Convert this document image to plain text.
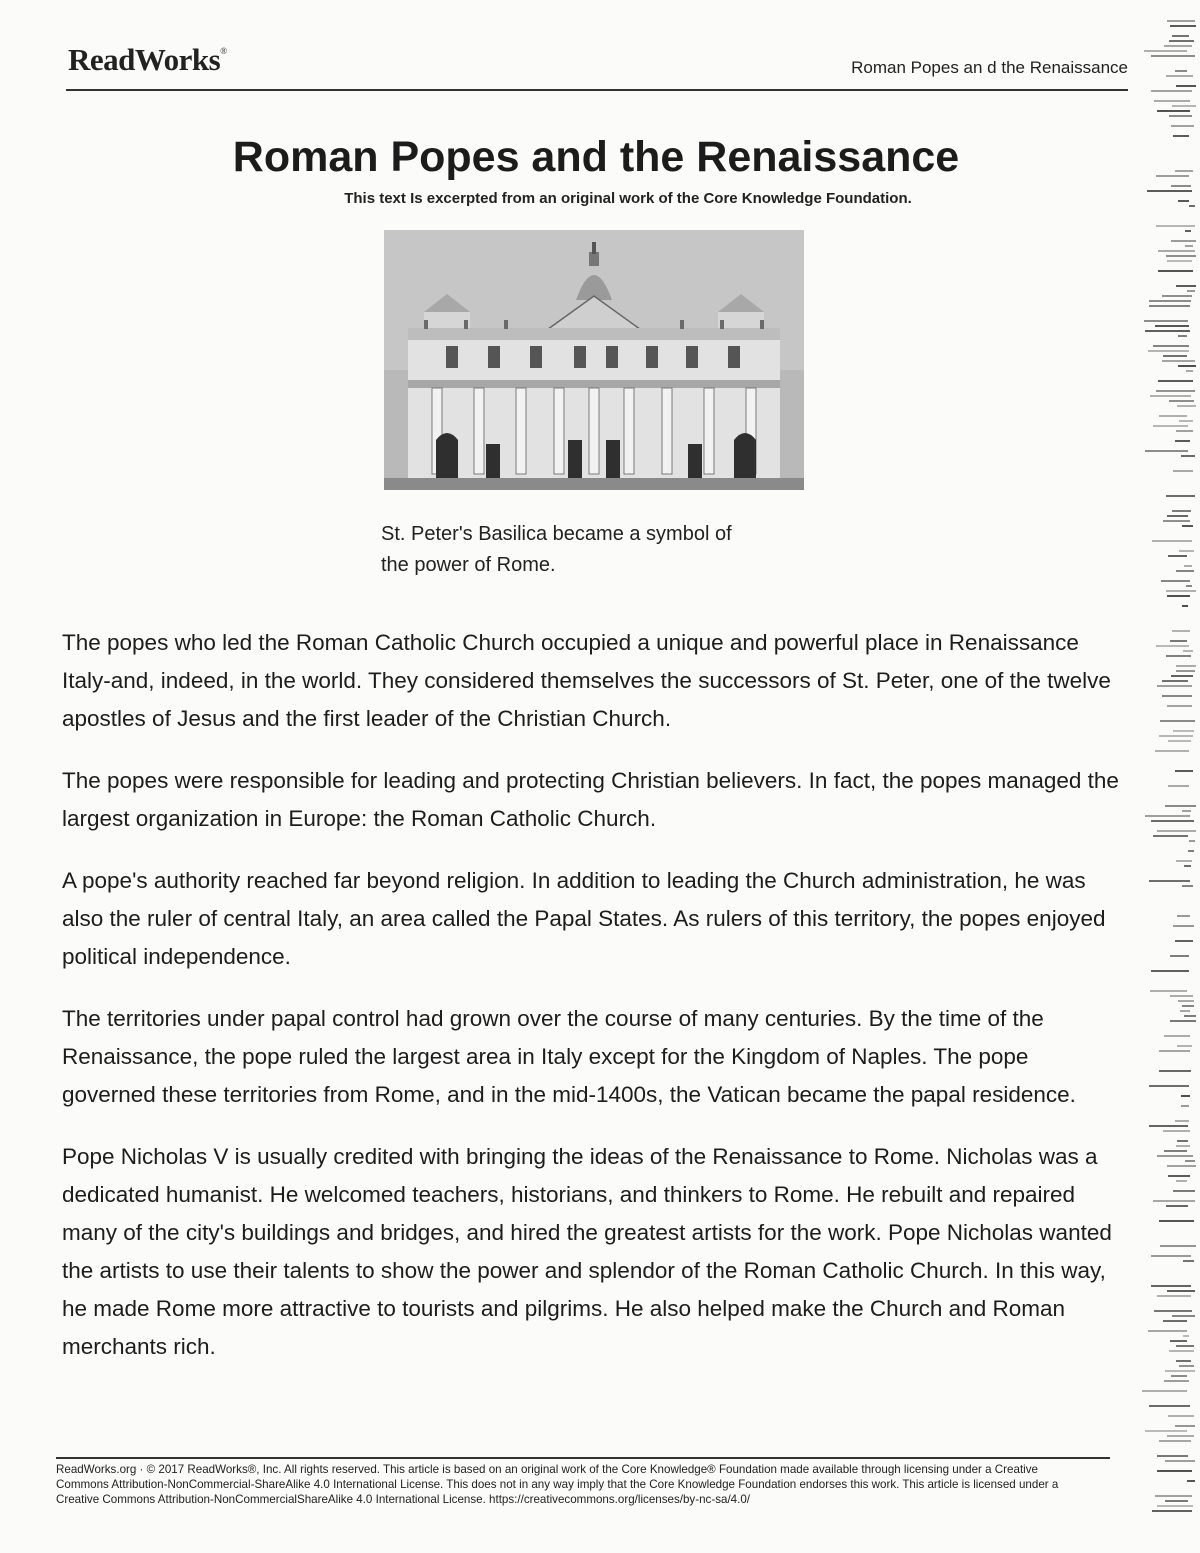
ReadWorks®
Roman Popes an d the Renaissance
Roman Popes and the Renaissance
This text Is excerpted from an original work of the Core Knowledge Foundation.
St. Peter's Basilica became a symbol of
the power of Rome.

The popes who led the Roman Catholic Church occupied a unique and powerful place in Renaissance Italy-and, indeed, in the world. They considered themselves the successors of St. Peter, one of the twelve apostles of Jesus and the first leader of the Christian Church.

The popes were responsible for leading and protecting Christian believers. In fact, the popes managed the largest organization in Europe: the Roman Catholic Church.

A pope's authority reached far beyond religion. In addition to leading the Church administration, he was also the ruler of central Italy, an area called the Papal States. As rulers of this territory, the popes enjoyed political independence.

The territories under papal control had grown over the course of many centuries. By the time of the Renaissance, the pope ruled the largest area in Italy except for the Kingdom of Naples. The pope governed these territories from Rome, and in the mid-1400s, the Vatican became the papal residence.

Pope Nicholas V is usually credited with bringing the ideas of the Renaissance to Rome. Nicholas was a dedicated humanist. He welcomed teachers, historians, and thinkers to Rome. He rebuilt and repaired many of the city's buildings and bridges, and hired the greatest artists for the work. Pope Nicholas wanted the artists to use their talents to show the power and splendor of the Roman Catholic Church. In this way, he made Rome more attractive to tourists and pilgrims. He also helped make the Church and Roman merchants rich.

ReadWorks.org · © 2017 ReadWorks®, Inc. All rights reserved. This article is based on an original work of the Core Knowledge® Foundation made available through licensing under a Creative Commons Attribution-NonCommercial-ShareAlike 4.0 International License. This does not in any way imply that the Core Knowledge Foundation endorses this work. This article is licensed under a Creative Commons Attribution-NonCommercialShareAlike 4.0 International License. https://creativecommons.org/licenses/by-nc-sa/4.0/
